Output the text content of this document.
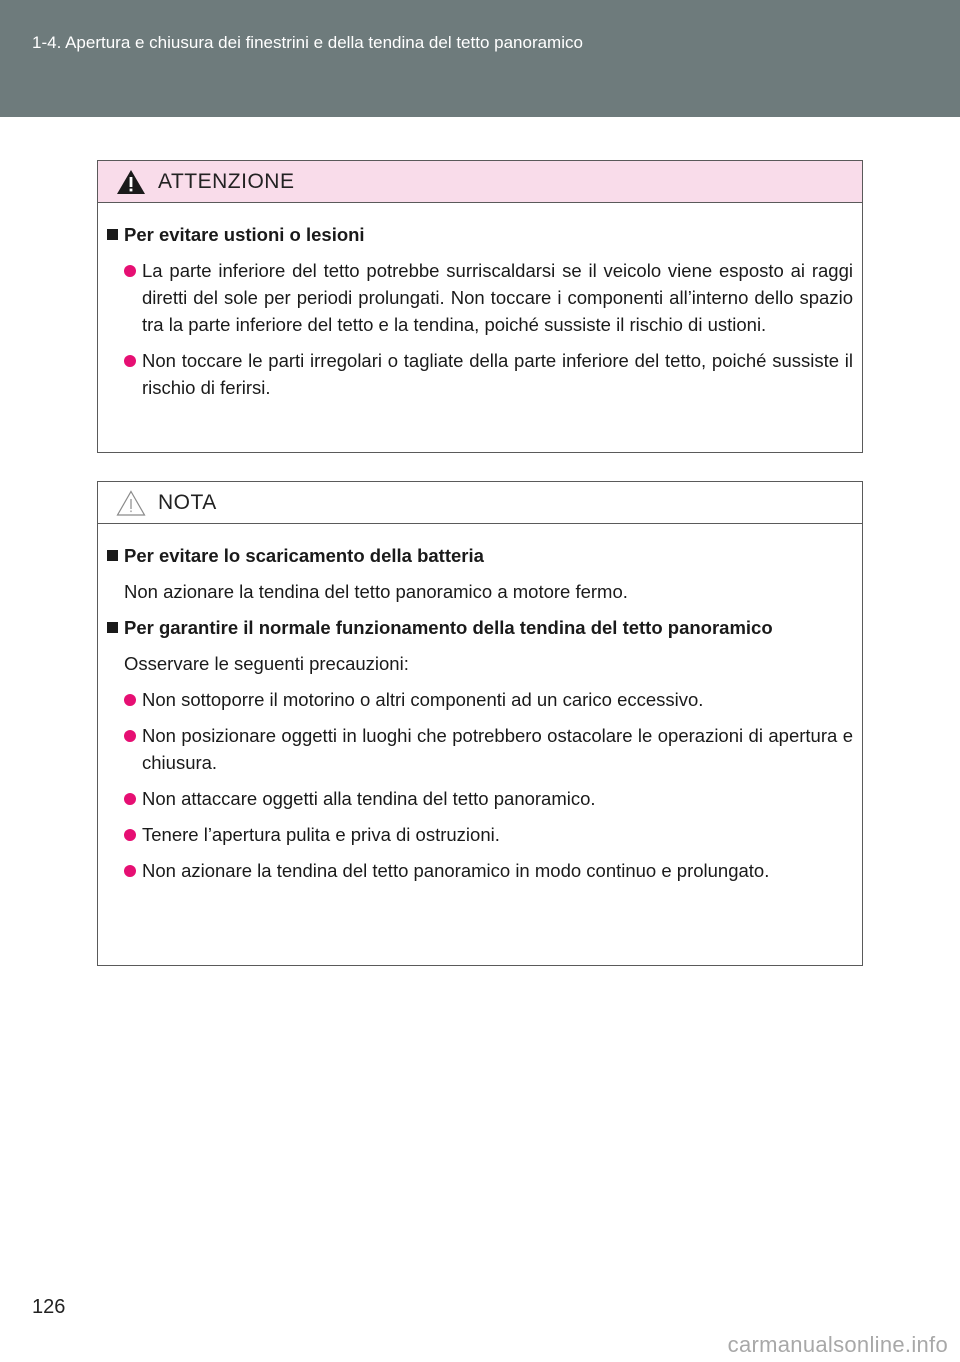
1-4. Apertura e chiusura dei finestrini e della tendina del tetto panoramico
ATTENZIONE
Per evitare ustioni o lesioni
La parte inferiore del tetto potrebbe surriscaldarsi se il veicolo viene esposto ai raggi diretti del sole per periodi prolungati. Non toccare i componenti all’interno dello spazio tra la parte inferiore del tetto e la tendina, poiché sussiste il rischio di ustioni.
Non toccare le parti irregolari o tagliate della parte inferiore del tetto, poiché sussiste il rischio di ferirsi.
NOTA
Per evitare lo scaricamento della batteria
Non azionare la tendina del tetto panoramico a motore fermo.
Per garantire il normale funzionamento della tendina del tetto panoramico
Osservare le seguenti precauzioni:
Non sottoporre il motorino o altri componenti ad un carico eccessivo.
Non posizionare oggetti in luoghi che potrebbero ostacolare le operazioni di apertura e chiusura.
Non attaccare oggetti alla tendina del tetto panoramico.
Tenere l’apertura pulita e priva di ostruzioni.
Non azionare la tendina del tetto panoramico in modo continuo e prolungato.
126
carmanualsonline.info
